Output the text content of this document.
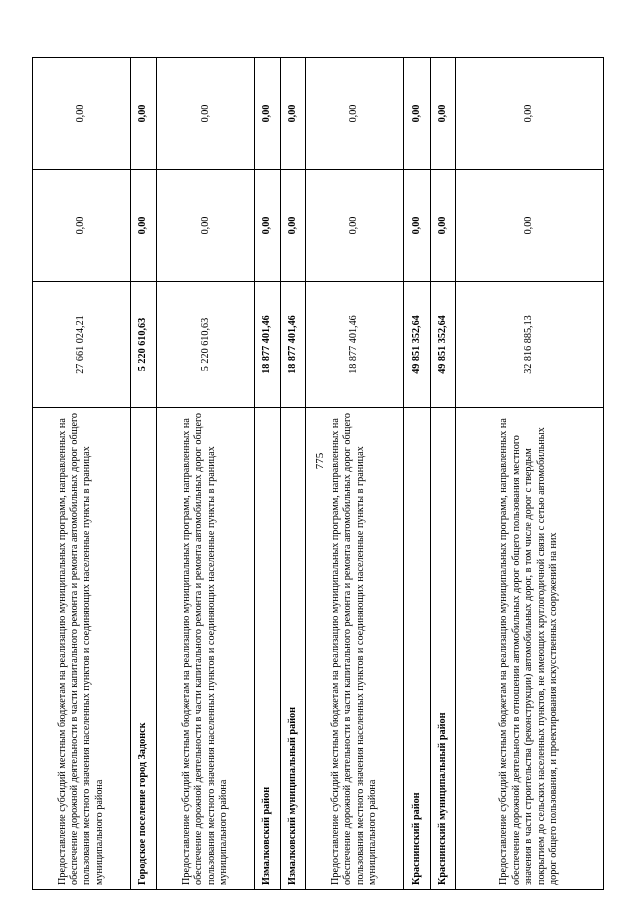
775
Предоставление субсидий местным бюджетам на реализацию муниципальных программ, направленных на обеспечение дорожной деятельности в части капитального ремонта и ремонта автомобильных дорог общего пользования местного значения населенных пунктов и соединяющих населенные пункты в границах муниципального района	27 661 024,21	0,00	0,00
Городское поселение город Задонск	5 220 610,63	0,00	0,00
Предоставление субсидий местным бюджетам на реализацию муниципальных программ, направленных на обеспечение дорожной деятельности в части капитального ремонта и ремонта автомобильных дорог общего пользования местного значения населенных пунктов и соединяющих населенные пункты в границах муниципального района	5 220 610,63	0,00	0,00
Измалковский район	18 877 401,46	0,00	0,00
Измалковский муниципальный район	18 877 401,46	0,00	0,00
Предоставление субсидий местным бюджетам на реализацию муниципальных программ, направленных на обеспечение дорожной деятельности в части капитального ремонта и ремонта автомобильных дорог общего пользования местного значения населенных пунктов и соединяющих населенные пункты в границах муниципального района	18 877 401,46	0,00	0,00
Краснинский район	49 851 352,64	0,00	0,00
Краснинский муниципальный район	49 851 352,64	0,00	0,00
Предоставление субсидий местным бюджетам на реализацию муниципальных программ, направленных на обеспечение дорожной деятельности в отношении автомобильных дорог общего пользования местного значения в части строительства (реконструкции) автомобильных дорог, в том числе дорог с твердым покрытием до сельских населенных пунктов, не имеющих круглогодичной связи с сетью автомобильных дорог общего пользования, и проектирования искусственных сооружений на них	32 816 885,13	0,00	0,00
